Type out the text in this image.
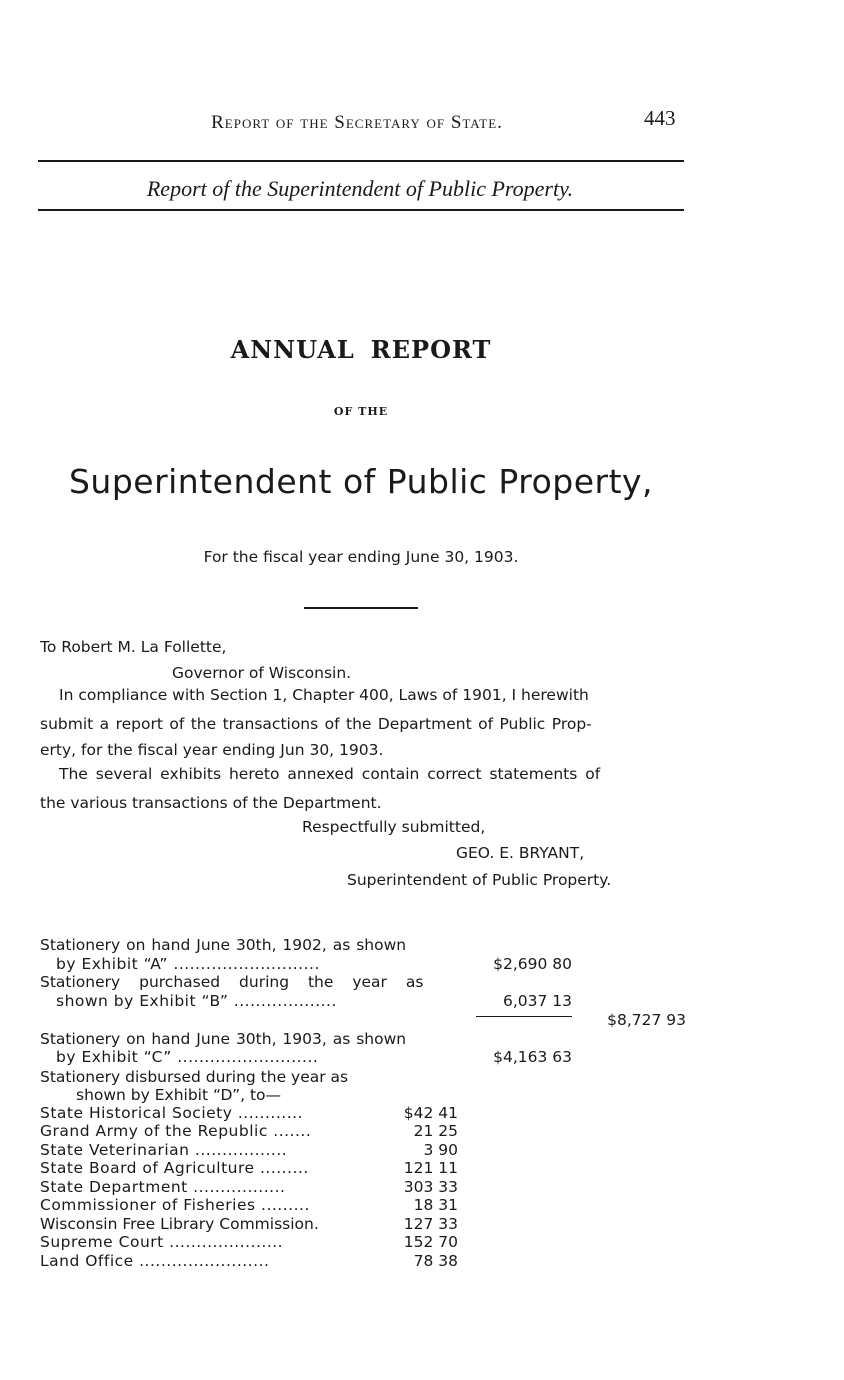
Report of the Secretary of State.	443
Report of the Superintendent of Public Property.
ANNUAL REPORT
OF THE
Superintendent of Public Property,
For the fiscal year ending June 30, 1903.
To Robert M. La Follette,
Governor of Wisconsin.
In compliance with Section 1, Chapter 400, Laws of 1901, I herewith
submit a report of the transactions of the Department of Public Prop-
erty, for the fiscal year ending Jun 30, 1903.
The several exhibits hereto annexed contain correct statements of
the various transactions of the Department.
Respectfully submitted,
GEO. E. BRYANT,
Superintendent of Public Property.
Stationery on hand June 30th, 1902, as shown
by Exhibit “A” ...........................	$2,690 80
Stationery purchased during the year as
shown by Exhibit “B” ...................	6,037 13
$8,727 93
Stationery on hand June 30th, 1903, as shown
by Exhibit “C” ..........................	$4,163 63
Stationery disbursed during the year as
shown by Exhibit “D”, to—
State Historical Society ............	$42 41
Grand Army of the Republic .......	21 25
State Veterinarian .................	3 90
State Board of Agriculture .........	121 11
State Department .................	303 33
Commissioner of Fisheries .........	18 31
Wisconsin Free Library Commission.	127 33
Supreme Court .....................	152 70
Land Office ........................	78 38
